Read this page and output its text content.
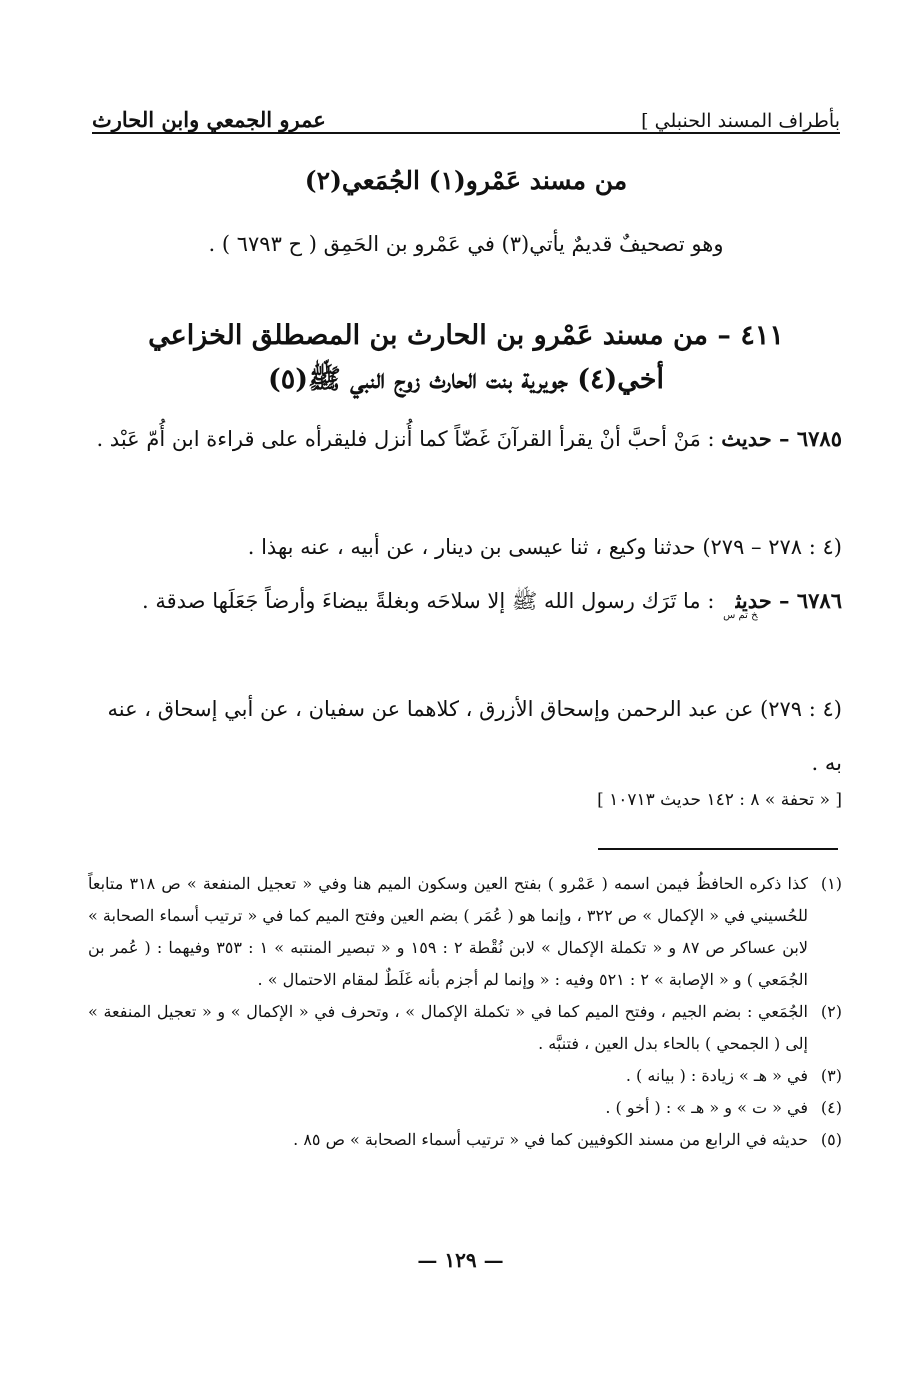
بأطراف المسند الحنبلي ]
عمرو الجمعي وابن الحارث
من مسند عَمْرو(١) الجُمَعي(٢)
وهو تصحيفٌ قديمٌ يأتي(٣) في عَمْرو بن الحَمِق ( ح ٦٧٩٣ ) .
٤١١ – من مسند عَمْرو بن الحارث بن المصطلق الخزاعي
أخي(٤) جويرية بنت الحارث زوج النبي ﷺ(٥)
٦٧٨٥ – حديث : مَنْ أحبَّ أنْ يقرأ القرآنَ غَضّاً كما أُنزل فليقرأه على قراءة ابن أُمّ عَبْد .
(٤ : ٢٧٨ – ٢٧٩) حدثنا وكيع ، ثنا عيسى بن دينار ، عن أبيه ، عنه بهذا .
٦٧٨٦ – حديث$_{خ تم س}$ : ما تَرَك رسول الله ﷺ إلا سلاحَه وبغلةً بيضاءَ وأرضاً جَعَلَها صدقة .
(٤ : ٢٧٩) عن عبد الرحمن وإسحاق الأزرق ، كلاهما عن سفيان ، عن أبي إسحاق ، عنه به .
[ « تحفة » ٨ : ١٤٢ حديث ١٠٧١٣ ]
(١)
كذا ذكره الحافظُ فيمن اسمه ( عَمْرو ) بفتح العين وسكون الميم هنا وفي « تعجيل المنفعة » ص ٣١٨ متابعاً للحُسيني في « الإكمال » ص ٣٢٢ ، وإنما هو ( عُمَر ) بضم العين وفتح الميم كما في « ترتيب أسماء الصحابة » لابن عساكر ص ٨٧ و « تكملة الإكمال » لابن نُقْطة ٢ : ١٥٩ و « تبصير المنتبه » ١ : ٣٥٣ وفيهما : ( عُمر بن الجُمَعي ) و « الإصابة » ٢ : ٥٢١ وفيه : « وإنما لم أجزم بأنه غَلَطٌ لمقام الاحتمال » .
(٢)
الجُمَعي : بضم الجيم ، وفتح الميم كما في « تكملة الإكمال » ، وتحرف في « الإكمال » و « تعجيل المنفعة » إلى ( الجمحي ) بالحاء بدل العين ، فتنبَّه .
(٣)
في « هـ » زيادة : ( بيانه ) .
(٤)
في « ت » و « هـ » : ( أخو ) .
(٥)
حديثه في الرابع من مسند الكوفيين كما في « ترتيب أسماء الصحابة » ص ٨٥ .
— ١٢٩ —
